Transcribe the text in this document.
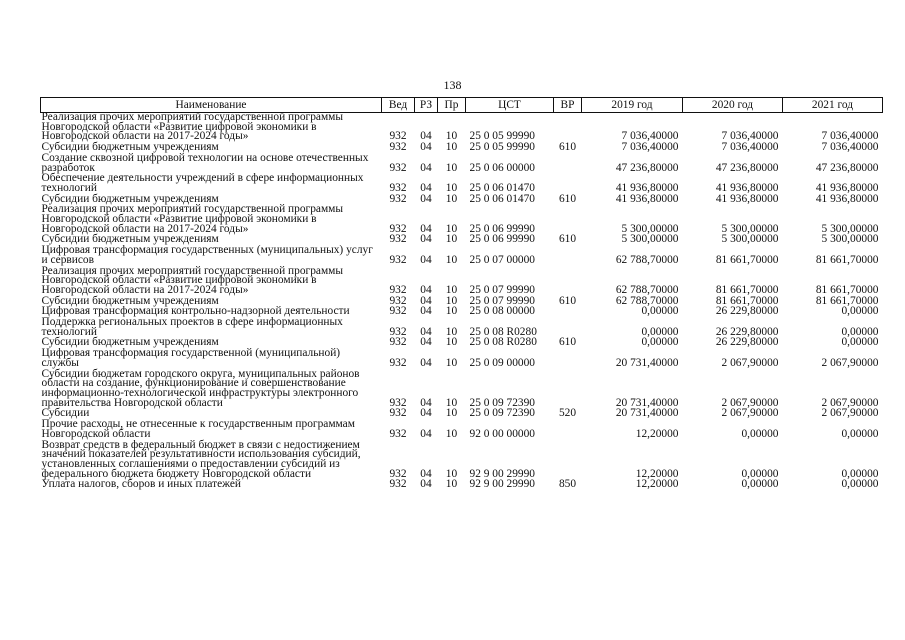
138
Наименование	Вед	РЗ	Пр	ЦСТ	ВР	2019 год	2020 год	2021 год
Реализация прочих мероприятий государственной программы Новгородской области «Развитие цифровой экономики в Новгородской области на 2017-2024 годы»	932	04	10	25 0 05 99990		7 036,40000	7 036,40000	7 036,40000
Субсидии бюджетным учреждениям	932	04	10	25 0 05 99990	610	7 036,40000	7 036,40000	7 036,40000
Создание сквозной цифровой технологии на основе отечественных разработок	932	04	10	25 0 06 00000		47 236,80000	47 236,80000	47 236,80000
Обеспечение деятельности учреждений в сфере информационных технологий	932	04	10	25 0 06 01470		41 936,80000	41 936,80000	41 936,80000
Субсидии бюджетным учреждениям	932	04	10	25 0 06 01470	610	41 936,80000	41 936,80000	41 936,80000
Реализация прочих мероприятий государственной программы Новгородской области «Развитие цифровой экономики в Новгородской области на 2017-2024 годы»	932	04	10	25 0 06 99990		5 300,00000	5 300,00000	5 300,00000
Субсидии бюджетным учреждениям	932	04	10	25 0 06 99990	610	5 300,00000	5 300,00000	5 300,00000
Цифровая трансформация государственных (муниципальных) услуг и сервисов	932	04	10	25 0 07 00000		62 788,70000	81 661,70000	81 661,70000
Реализация прочих мероприятий государственной программы Новгородской области «Развитие цифровой экономики в Новгородской области на 2017-2024 годы»	932	04	10	25 0 07 99990		62 788,70000	81 661,70000	81 661,70000
Субсидии бюджетным учреждениям	932	04	10	25 0 07 99990	610	62 788,70000	81 661,70000	81 661,70000
Цифровая трансформация контрольно-надзорной деятельности	932	04	10	25 0 08 00000		0,00000	26 229,80000	0,00000
Поддержка региональных проектов в сфере информационных технологий	932	04	10	25 0 08 R0280		0,00000	26 229,80000	0,00000
Субсидии бюджетным учреждениям	932	04	10	25 0 08 R0280	610	0,00000	26 229,80000	0,00000
Цифровая трансформация государственной (муниципальной) службы	932	04	10	25 0 09 00000		20 731,40000	2 067,90000	2 067,90000
Субсидии бюджетам городского округа, муниципальных районов области на создание, функционирование и совершенствование информационно-технологической инфраструктуры электронного правительства Новгородской области	932	04	10	25 0 09 72390		20 731,40000	2 067,90000	2 067,90000
Субсидии	932	04	10	25 0 09 72390	520	20 731,40000	2 067,90000	2 067,90000
Прочие расходы, не отнесенные к государственным программам Новгородской области	932	04	10	92 0 00 00000		12,20000	0,00000	0,00000
Возврат средств в федеральный бюджет в связи с недостижением значений показателей результативности использования субсидий, установленных соглашениями о предоставлении субсидий из федерального бюджета бюджету Новгородской области	932	04	10	92 9 00 29990		12,20000	0,00000	0,00000
Уплата налогов, сборов и иных платежей	932	04	10	92 9 00 29990	850	12,20000	0,00000	0,00000
